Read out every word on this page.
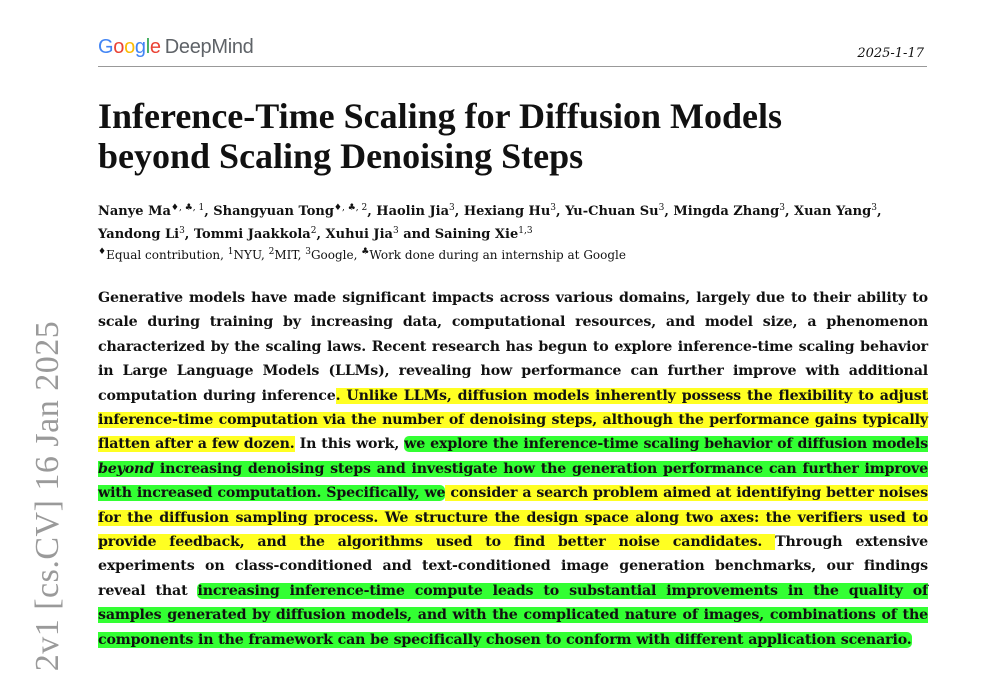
Google DeepMind	2025-1-17
Inference-Time Scaling for Diffusion Models
beyond Scaling Denoising Steps
Nanye $Ma^{♦, ♣, 1}$, Shangyuan Tong$^{♦, ♣, 2}$, Haolin Jia$^3$, Hexiang Hu$^3$, Yu-Chuan Su$^3$, Mingda Zhang$^3$, Xuan Yang$^3$,
Yandong Li$^3$, Tommi Jaakkola$^2$, Xuhui Jia$^3$ and Saining Xie$^{1,3}$
♦Equal contribution, $^1$NYU, $^2$MIT, $^3$Google, ♣Work done during an internship at Google

Generative models have made significant impacts across various domains, largely due to their ability to scale during training by increasing data, computational resources, and model size, a phenomenon characterized by the scaling laws. Recent research has begun to explore inference-time scaling behavior in Large Language Models (LLMs), revealing how performance can further improve with additional computation during inference. Unlike LLMs, diffusion models inherently possess the flexibility to adjust inference-time computation via the number of denoising steps, although the performance gains typically flatten after a few dozen. In this work, we explore the inference-time scaling behavior of diffusion models beyond increasing denoising steps and investigate how the generation performance can further improve with increased computation. Specifically, we consider a search problem aimed at identifying better noises for the diffusion sampling process. We structure the design space along two axes: the verifiers used to provide feedback, and the algorithms used to find better noise candidates. Through extensive experiments on class-conditioned and text-conditioned image generation benchmarks, our findings reveal that increasing inference-time compute leads to substantial improvements in the quality of samples generated by diffusion models, and with the complicated nature of images, combinations of the components in the framework can be specifically chosen to conform with different application scenario.

2v1 [cs.CV] 16 Jan 2025
